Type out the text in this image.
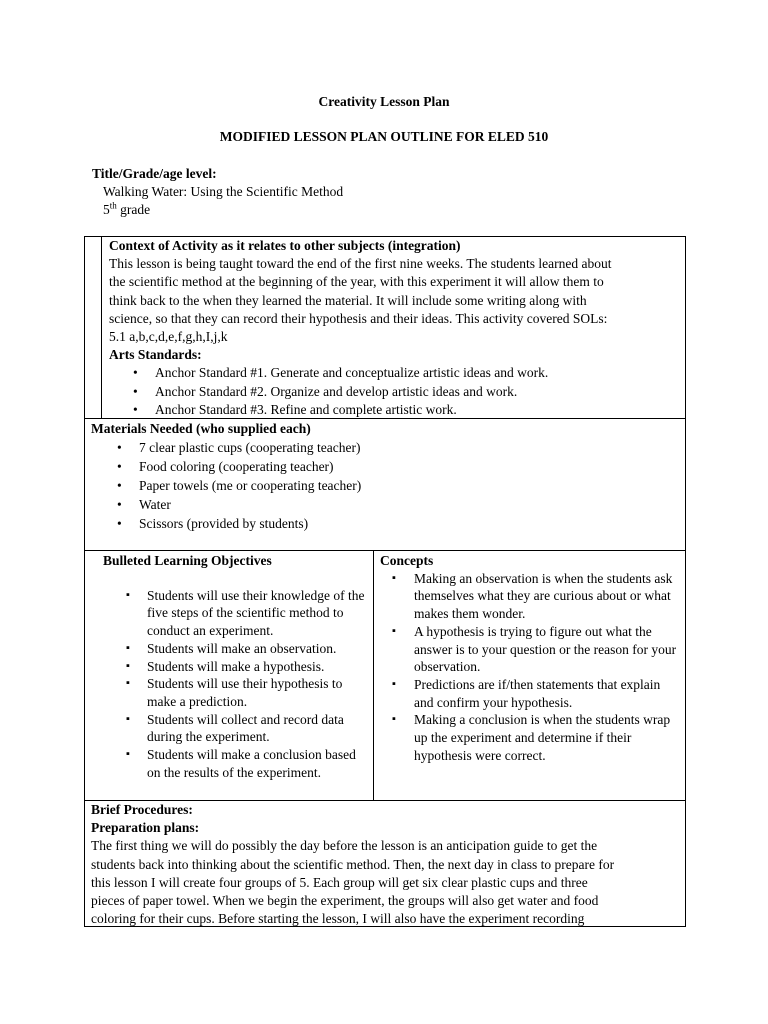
Creativity Lesson Plan
MODIFIED LESSON PLAN OUTLINE FOR ELED 510
Title/Grade/age level:
Walking Water: Using the Scientific Method
5th grade
Context of Activity as it relates to other subjects (integration)
This lesson is being taught toward the end of the first nine weeks. The students learned about
the scientific method at the beginning of the year, with this experiment it will allow them to
think back to the when they learned the material. It will include some writing along with
science, so that they can record their hypothesis and their ideas. This activity covered SOLs:
5.1 a,b,c,d,e,f,g,h,I,j,k
Arts Standards:
• Anchor Standard #1. Generate and conceptualize artistic ideas and work.
• Anchor Standard #2. Organize and develop artistic ideas and work.
• Anchor Standard #3. Refine and complete artistic work.
Materials Needed (who supplied each)
• 7 clear plastic cups (cooperating teacher)
• Food coloring (cooperating teacher)
• Paper towels (me or cooperating teacher)
• Water
• Scissors (provided by students)
Bulleted Learning Objectives
▪ Students will use their knowledge of the five steps of the scientific method to conduct an experiment.
▪ Students will make an observation.
▪ Students will make a hypothesis.
▪ Students will use their hypothesis to make a prediction.
▪ Students will collect and record data during the experiment.
▪ Students will make a conclusion based on the results of the experiment.
Concepts
▪ Making an observation is when the students ask themselves what they are curious about or what makes them wonder.
▪ A hypothesis is trying to figure out what the answer is to your question or the reason for your observation.
▪ Predictions are if/then statements that explain and confirm your hypothesis.
▪ Making a conclusion is when the students wrap up the experiment and determine if their hypothesis were correct.
Brief Procedures:
Preparation plans:
The first thing we will do possibly the day before the lesson is an anticipation guide to get the
students back into thinking about the scientific method. Then, the next day in class to prepare for
this lesson I will create four groups of 5. Each group will get six clear plastic cups and three
pieces of paper towel. When we begin the experiment, the groups will also get water and food
coloring for their cups. Before starting the lesson, I will also have the experiment recording
